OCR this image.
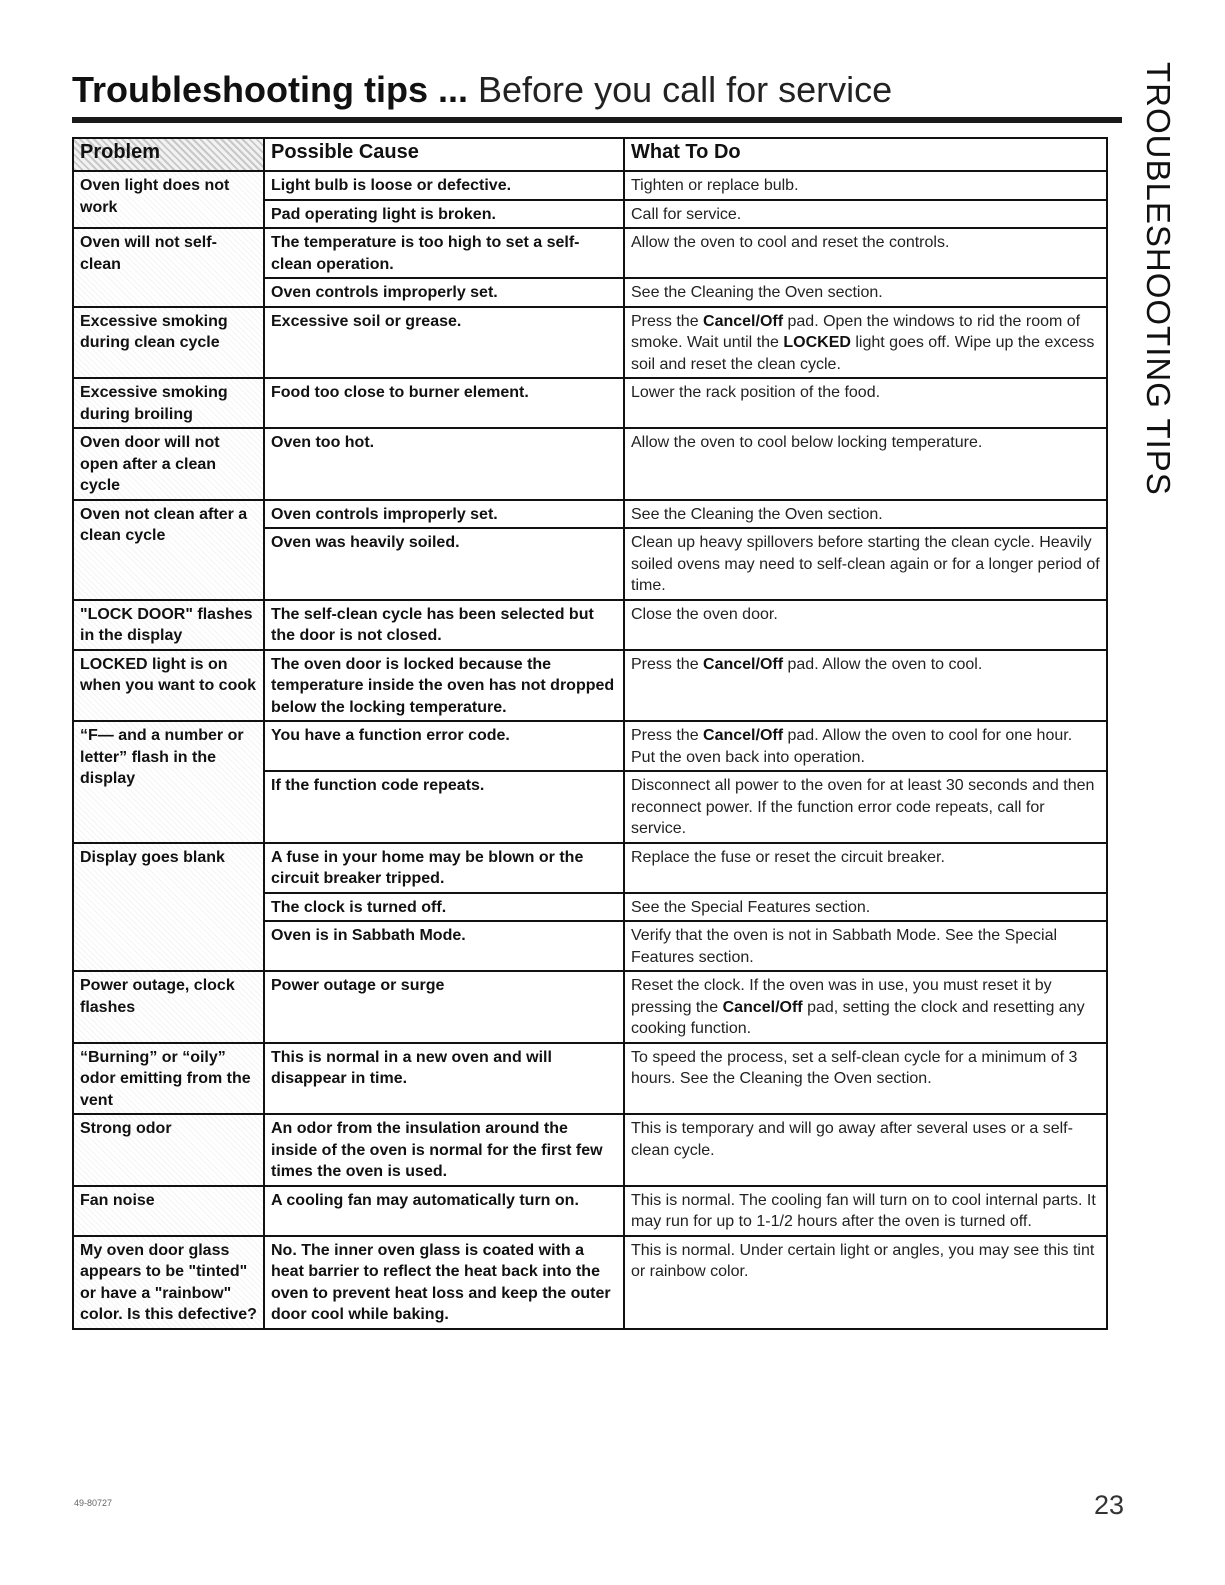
Troubleshooting tips ... Before you call for service	TROUBLESHOOTING TIPS
Problem	Possible Cause	What To Do
Oven light does not work	Light bulb is loose or defective.	Tighten or replace bulb.
	Pad operating light is broken.	Call for service.
Oven will not self-clean	The temperature is too high to set a self-clean operation.	Allow the oven to cool and reset the controls.
	Oven controls improperly set.	See the Cleaning the Oven section.
Excessive smoking during clean cycle	Excessive soil or grease.	Press the Cancel/Off pad. Open the windows to rid the room of smoke. Wait until the LOCKED light goes off. Wipe up the excess soil and reset the clean cycle.
Excessive smoking during broiling	Food too close to burner element.	Lower the rack position of the food.
Oven door will not open after a clean cycle	Oven too hot.	Allow the oven to cool below locking temperature.
Oven not clean after a clean cycle	Oven controls improperly set.	See the Cleaning the Oven section.
	Oven was heavily soiled.	Clean up heavy spillovers before starting the clean cycle. Heavily soiled ovens may need to self-clean again or for a longer period of time.
"LOCK DOOR" flashes in the display	The self-clean cycle has been selected but the door is not closed.	Close the oven door.
LOCKED light is on when you want to cook	The oven door is locked because the temperature inside the oven has not dropped below the locking temperature.	Press the Cancel/Off pad. Allow the oven to cool.
“F— and a number or letter” flash in the display	You have a function error code.	Press the Cancel/Off pad. Allow the oven to cool for one hour. Put the oven back into operation.
	If the function code repeats.	Disconnect all power to the oven for at least 30 seconds and then reconnect power. If the function error code repeats, call for service.
Display goes blank	A fuse in your home may be blown or the circuit breaker tripped.	Replace the fuse or reset the circuit breaker.
	The clock is turned off.	See the Special Features section.
	Oven is in Sabbath Mode.	Verify that the oven is not in Sabbath Mode. See the Special Features section.
Power outage, clock flashes	Power outage or surge	Reset the clock. If the oven was in use, you must reset it by pressing the Cancel/Off pad, setting the clock and resetting any cooking function.
“Burning” or “oily” odor emitting from the vent	This is normal in a new oven and will disappear in time.	To speed the process, set a self-clean cycle for a minimum of 3 hours. See the Cleaning the Oven section.
Strong odor	An odor from the insulation around the inside of the oven is normal for the first few times the oven is used.	This is temporary and will go away after several uses or a self-clean cycle.
Fan noise	A cooling fan may automatically turn on.	This is normal. The cooling fan will turn on to cool internal parts. It may run for up to 1-1/2 hours after the oven is turned off.
My oven door glass appears to be "tinted" or have a "rainbow" color. Is this defective?	No. The inner oven glass is coated with a heat barrier to reflect the heat back into the oven to prevent heat loss and keep the outer door cool while baking.	This is normal. Under certain light or angles, you may see this tint or rainbow color.
49-80727	23
